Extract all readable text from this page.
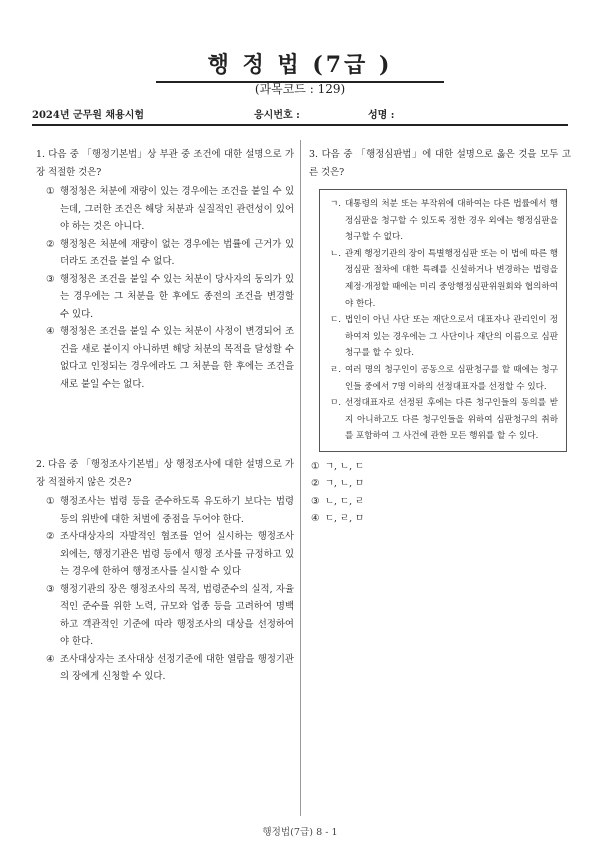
행 정 법 (7급 )
(과목코드 : 129)
2024년 군무원 채용시험	응시번호 :	성명 :
1. 다음 중 「행정기본법」상 부관 중 조건에 대한 설명으로 가장 적절한 것은?
① 행정청은 처분에 재량이 있는 경우에는 조건을 붙일 수 있는데, 그러한 조건은 해당 처분과 실질적인 관련성이 있어야 하는 것은 아니다.
② 행정청은 처분에 재량이 없는 경우에는 법률에 근거가 있더라도 조건을 붙일 수 없다.
③ 행정청은 조건을 붙일 수 있는 처분이 당사자의 동의가 있는 경우에는 그 처분을 한 후에도 종전의 조건을 변경할 수 있다.
④ 행정청은 조건을 붙일 수 있는 처분이 사정이 변경되어 조건을 새로 붙이지 아니하면 해당 처분의 목적을 달성할 수 없다고 인정되는 경우에라도 그 처분을 한 후에는 조건을 새로 붙일 수는 없다.
2. 다음 중 「행정조사기본법」상 행정조사에 대한 설명으로 가장 적절하지 않은 것은?
① 행정조사는 법령 등을 준수하도록 유도하기 보다는 법령 등의 위반에 대한 처벌에 중점을 두어야 한다.
② 조사대상자의 자발적인 협조를 얻어 실시하는 행정조사 외에는, 행정기관은 법령 등에서 행정 조사를 규정하고 있는 경우에 한하여 행정조사를 실시할 수 있다
③ 행정기관의 장은 행정조사의 목적, 법령준수의 실적, 자율적인 준수를 위한 노력, 규모와 업종 등을 고려하여 명백하고 객관적인 기준에 따라 행정조사의 대상을 선정하여야 한다.
④ 조사대상자는 조사대상 선정기준에 대한 열람을 행정기관의 장에게 신청할 수 있다.
3. 다음 중 「행정심판법」에 대한 설명으로 옳은 것을 모두 고른 것은?
ㄱ. 대통령의 처분 또는 부작위에 대하여는 다른 법률에서 행정심판을 청구할 수 있도록 정한 경우 외에는 행정심판을 청구할 수 없다.
ㄴ. 관계 행정기관의 장이 특별행정심판 또는 이 법에 따른 행정심판 절차에 대한 특례를 신설하거나 변경하는 법령을 제정·개정할 때에는 미리 중앙행정심판위원회와 협의하여야 한다.
ㄷ. 법인이 아닌 사단 또는 재단으로서 대표자나 관리인이 정하여져 있는 경우에는 그 사단이나 재단의 이름으로 심판청구를 할 수 있다.
ㄹ. 여러 명의 청구인이 공동으로 심판청구를 할 때에는 청구인들 중에서 7명 이하의 선정대표자를 선정할 수 있다.
ㅁ. 선정대표자로 선정된 후에는 다른 청구인들의 동의를 받지 아니하고도 다른 청구인들을 위하여 심판청구의 취하를 포함하여 그 사건에 관한 모든 행위를 할 수 있다.
① ㄱ, ㄴ, ㄷ
② ㄱ, ㄴ, ㅁ
③ ㄴ, ㄷ, ㄹ
④ ㄷ, ㄹ, ㅁ
행정법(7급) 8 - 1
